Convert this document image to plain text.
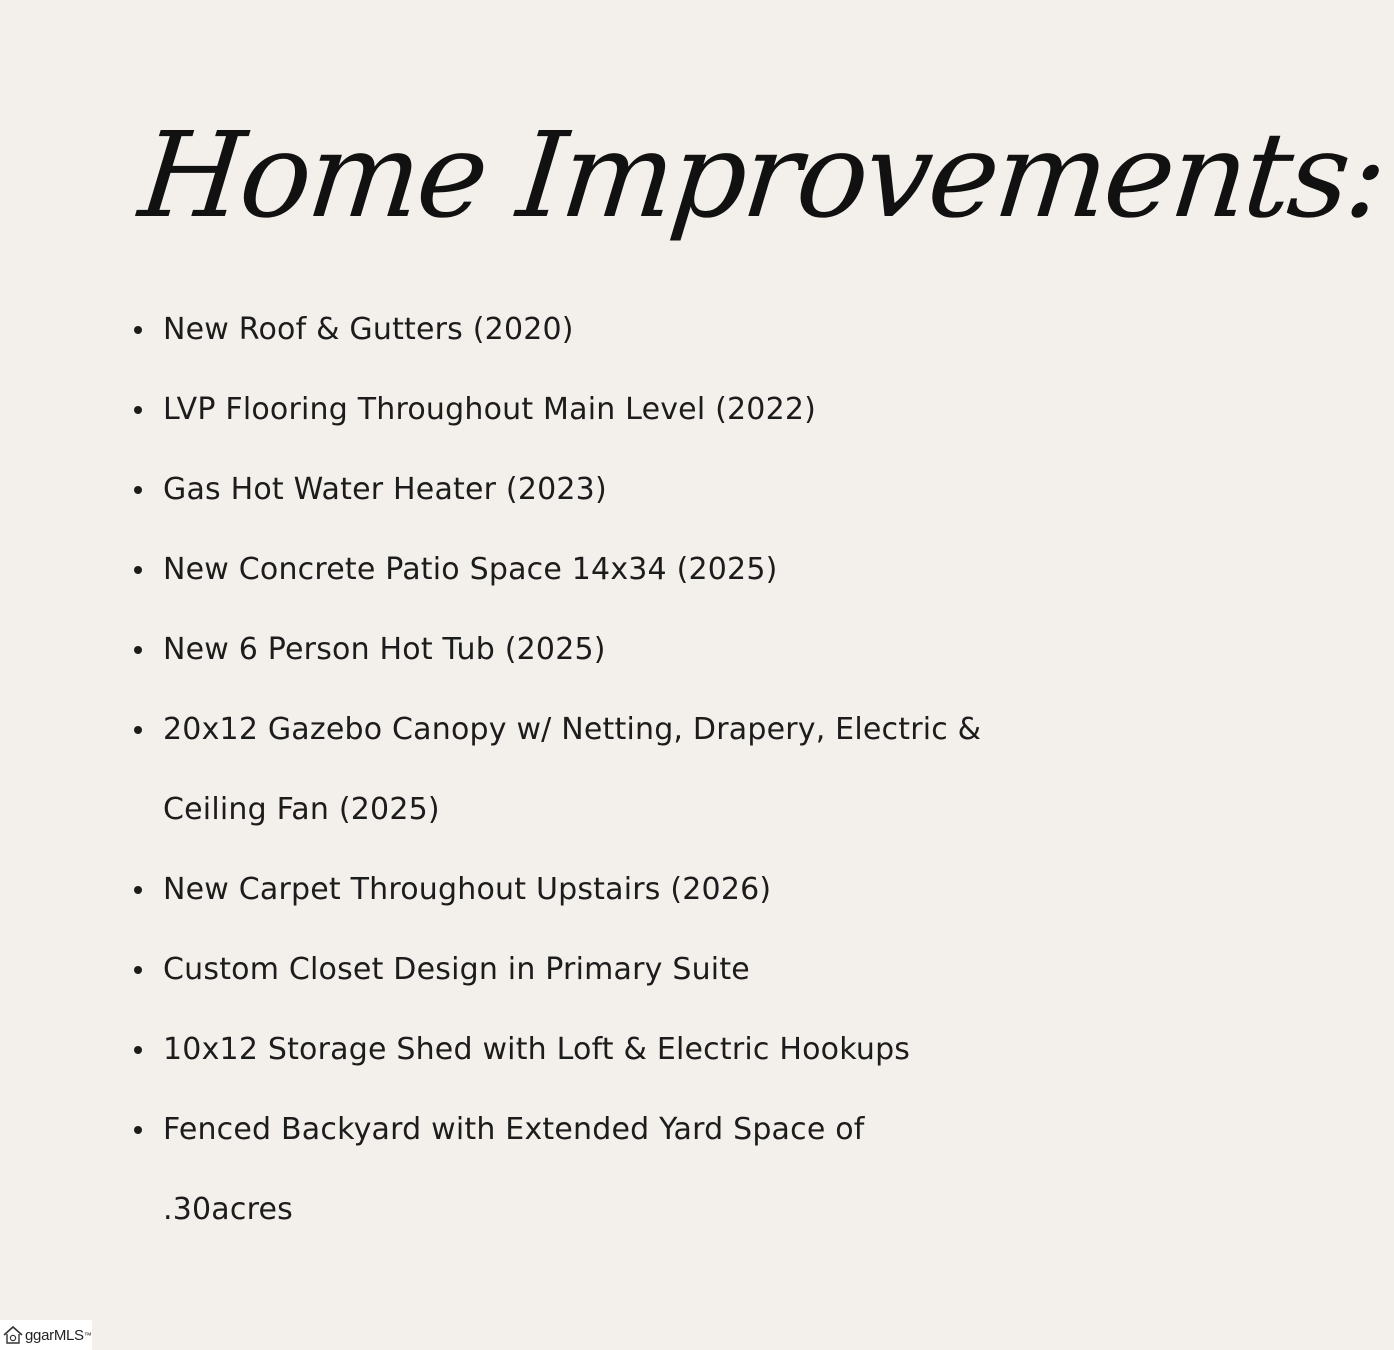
Home Improvements:
New Roof & Gutters (2020)
LVP Flooring Throughout Main Level (2022)
Gas Hot Water Heater (2023)
New Concrete Patio Space 14x34 (2025)
New 6 Person Hot Tub (2025)
20x12 Gazebo Canopy w/ Netting, Drapery, Electric & Ceiling Fan (2025)
New Carpet Throughout Upstairs (2026)
Custom Closet Design in Primary Suite
10x12 Storage Shed with Loft & Electric Hookups
Fenced Backyard with Extended Yard Space of .30acres
ggarMLS ™
